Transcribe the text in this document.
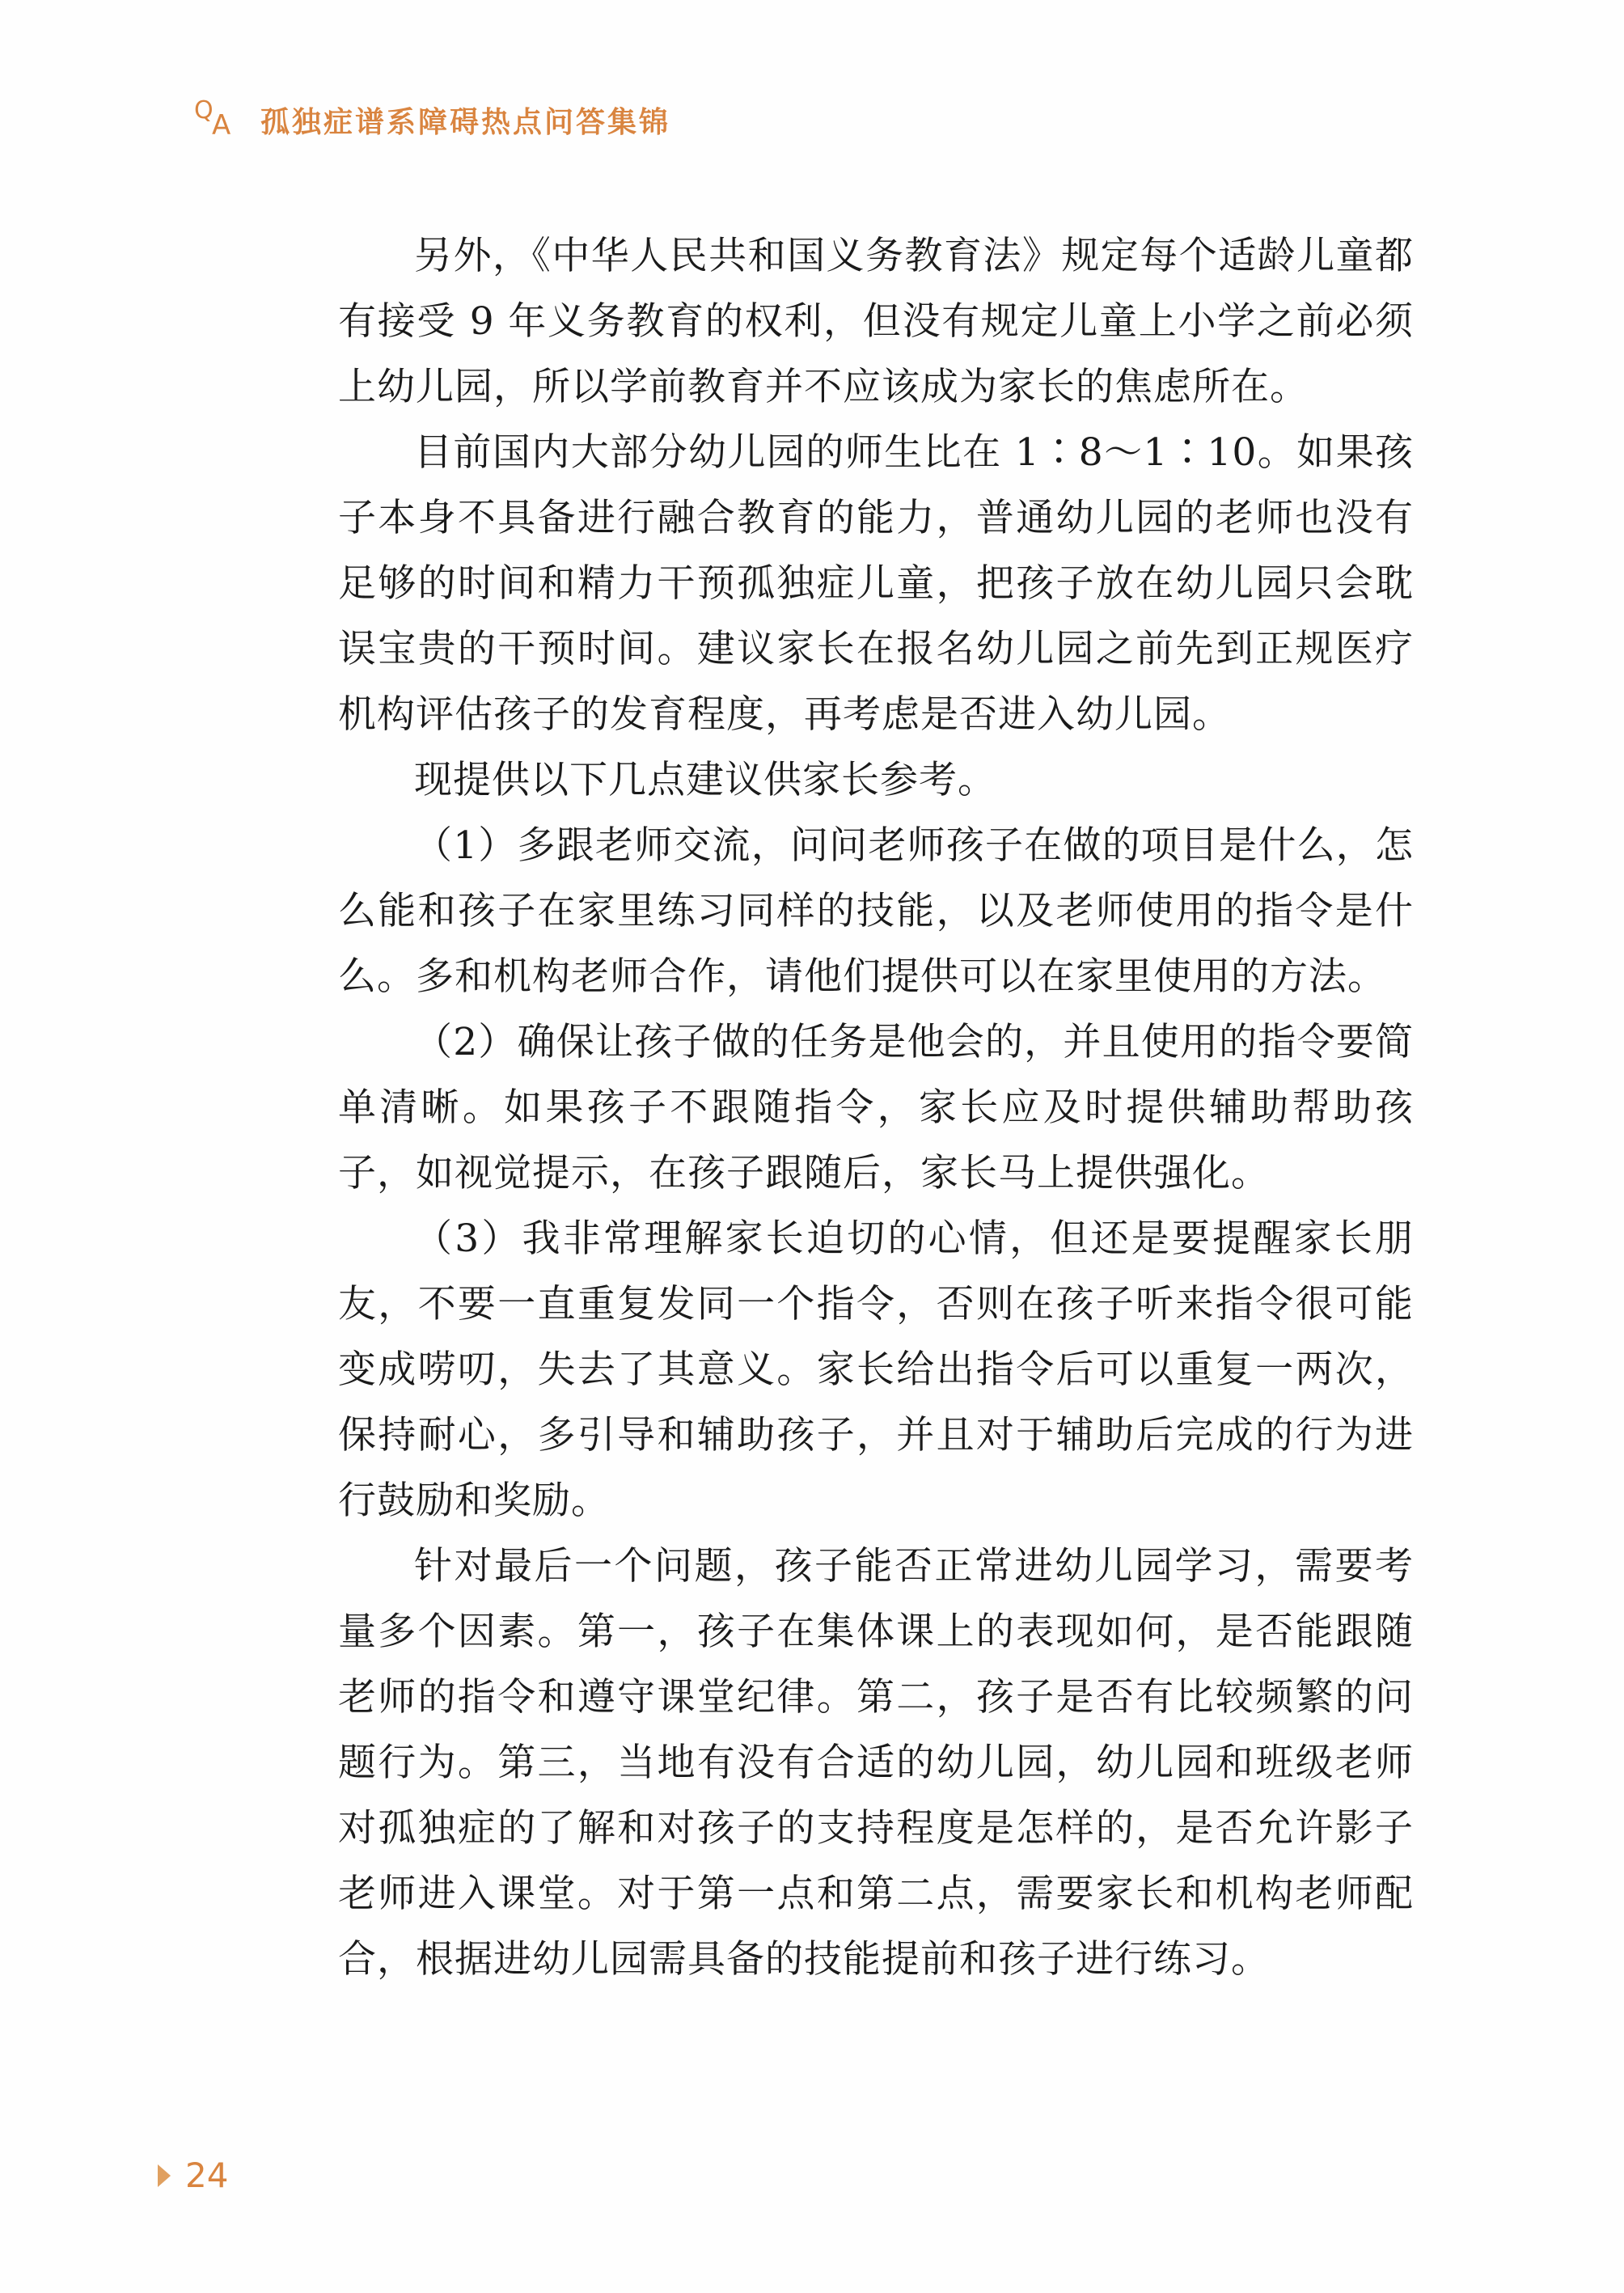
Q
A 孤独症谱系障碍热点问答集锦

另外，《中华人民共和国义务教育法》规定每个适龄儿童都有接受 9 年义务教育的权利，但没有规定儿童上小学之前必须上幼儿园，所以学前教育并不应该成为家长的焦虑所在。

目前国内大部分幼儿园的师生比在 1∶8～1∶10。如果孩子本身不具备进行融合教育的能力，普通幼儿园的老师也没有足够的时间和精力干预孤独症儿童，把孩子放在幼儿园只会耽误宝贵的干预时间。建议家长在报名幼儿园之前先到正规医疗机构评估孩子的发育程度，再考虑是否进入幼儿园。

现提供以下几点建议供家长参考。

（1）多跟老师交流，问问老师孩子在做的项目是什么，怎么能和孩子在家里练习同样的技能，以及老师使用的指令是什么。多和机构老师合作，请他们提供可以在家里使用的方法。

（2）确保让孩子做的任务是他会的，并且使用的指令要简单清晰。如果孩子不跟随指令，家长应及时提供辅助帮助孩子，如视觉提示，在孩子跟随后，家长马上提供强化。

（3）我非常理解家长迫切的心情，但还是要提醒家长朋友，不要一直重复发同一个指令，否则在孩子听来指令很可能变成唠叨，失去了其意义。家长给出指令后可以重复一两次，保持耐心，多引导和辅助孩子，并且对于辅助后完成的行为进行鼓励和奖励。

针对最后一个问题，孩子能否正常进幼儿园学习，需要考量多个因素。第一，孩子在集体课上的表现如何，是否能跟随老师的指令和遵守课堂纪律。第二，孩子是否有比较频繁的问题行为。第三，当地有没有合适的幼儿园，幼儿园和班级老师对孤独症的了解和对孩子的支持程度是怎样的，是否允许影子老师进入课堂。对于第一点和第二点，需要家长和机构老师配合，根据进幼儿园需具备的技能提前和孩子进行练习。

24
